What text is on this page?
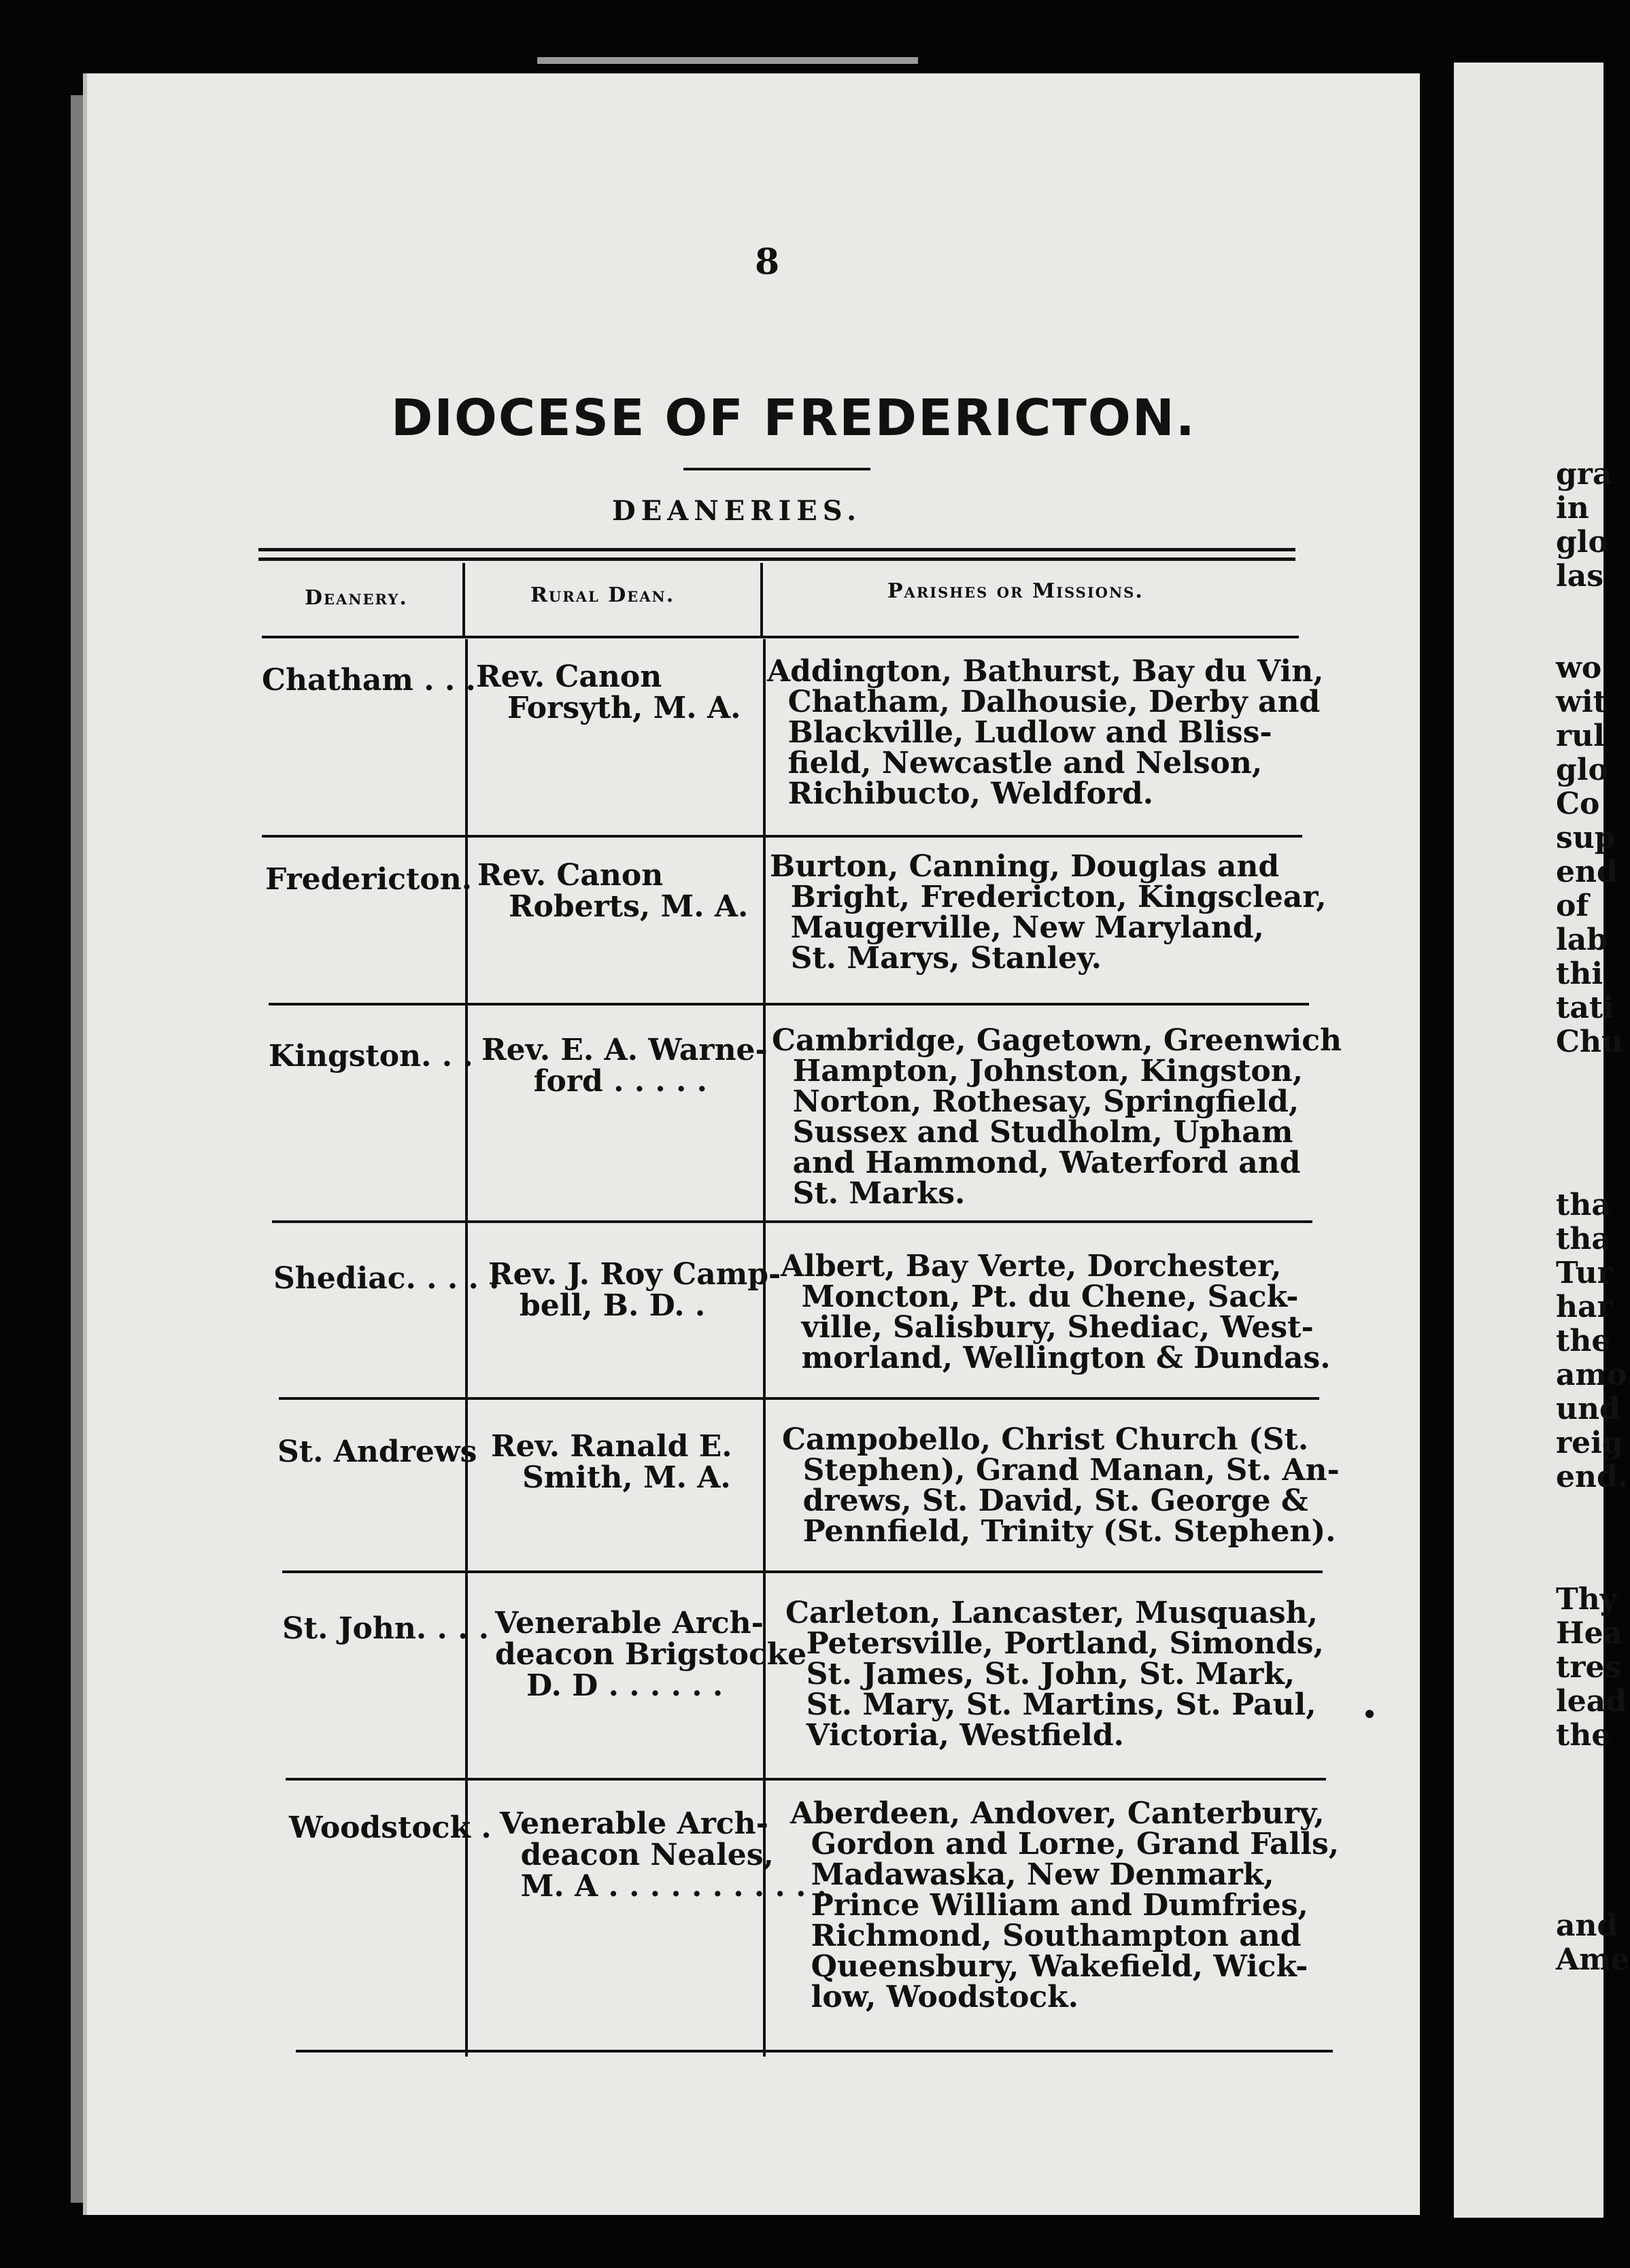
8
DIOCESE OF FREDERICTON.
DEANERIES.
Deanery.	Rural Dean.	Parishes or Missions.
Chatham . . . Rev. Canon
Forsyth, M. A.
Addington, Bathurst, Bay du Vin,
Chatham, Dalhousie, Derby and
Blackville, Ludlow and Bliss-
field, Newcastle and Nelson,
Richibucto, Weldford.
Fredericton. Rev. Canon
Roberts, M. A.
Burton, Canning, Douglas and
Bright, Fredericton, Kingsclear,
Maugerville, New Maryland,
St. Marys, Stanley.
Kingston. . . Rev. E. A. Warne-
ford . . . . .
Cambridge, Gagetown, Greenwich
Hampton, Johnston, Kingston,
Norton, Rothesay, Springfield,
Sussex and Studholm, Upham
and Hammond, Waterford and
St. Marks.
Shediac. . . . .
Rev. J. Roy Camp-
bell, B. D. .
Albert, Bay Verte, Dorchester,
Moncton, Pt. du Chene, Sack-
ville, Salisbury, Shediac, West-
morland, Wellington & Dundas.
St. Andrews Rev. Ranald E.
Smith, M. A.
Campobello, Christ Church (St.
Stephen), Grand Manan, St. An-
drews, St. David, St. George &
Pennfield, Trinity (St. Stephen).
St. John. . . . Venerable Arch-
deacon Brigstocke
D. D . . . . . .
Carleton, Lancaster, Musquash,
Petersville, Portland, Simonds,
St. James, St. John, St. Mark,
St. Mary, St. Martins, St. Paul,
Victoria, Westfield.
Woodstock . Venerable Arch-
deacon Neales,
M. A . . . . . . . . . . .
Aberdeen, Andover, Canterbury,
Gordon and Lorne, Grand Falls,
Madawaska, New Denmark,
Prince William and Dumfries,
Richmond, Southampton and
Queensbury, Wakefield, Wick-
low, Woodstock.
gra
in
glo
las
wo
wit
rul
glo
Co
sup
end
of
lab
thi
tati
Chu
tha
tha
Tur
har
the
amo
und
reig
end.
Thy
Hea
tres
lead
the
and
Ame
